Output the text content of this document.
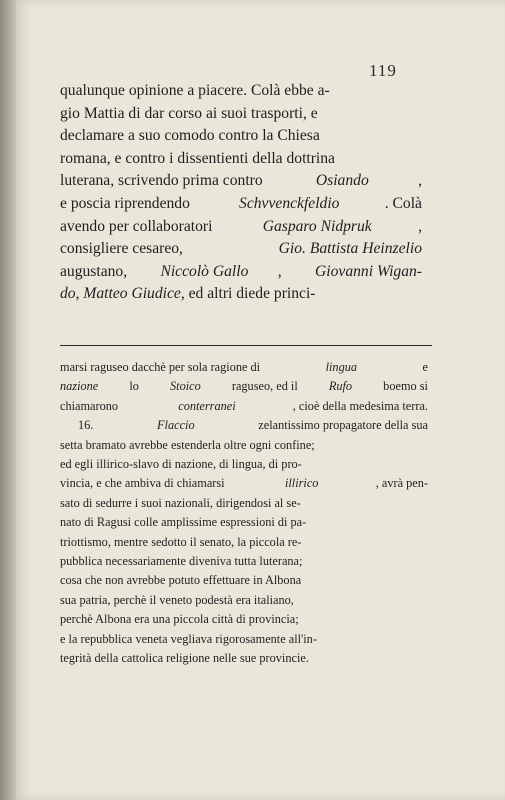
119
qualunque opinione a piacere. Colà ebbe a-
gio Mattia di dar corso ai suoi trasporti, e
declamare a suo comodo contro la Chiesa
romana, e contro i dissentienti della dottrina
luterana, scrivendo prima contro	Osiando	,
e poscia riprendendo	Schvvenckfeldio	. Colà
avendo per collaboratori	Gasparo Nidpruk	,
consigliere cesareo,	Gio. Battista Heinzelio
augustano, Niccolò Gallo , Giovanni Wigan-
do , Matteo Giudice , ed altri diede princi-
marsi raguseo dacchè per sola ragione di	lingua	e
nazione lo Stoico raguseo, ed il Rufo boemo si
chiamarono	conterranei	, cioè della medesima terra.
16.	Flaccio	zelantissimo propagatore della sua
setta bramato avrebbe estenderla oltre ogni confine;
ed egli illirico-slavo di nazione, di lingua, di pro-
vincia, e che ambiva di chiamarsi	illirico	, avrà pen-
sato di sedurre i suoi nazionali, dirigendosi al se-
nato di Ragusi colle amplissime espressioni di pa-
triottismo, mentre sedotto il senato, la piccola re-
pubblica necessariamente diveniva tutta luterana;
cosa che non avrebbe potuto effettuare in Albona
sua patria, perchè il veneto podestà era italiano,
perchè Albona era una piccola città di provincia;
e la repubblica veneta vegliava rigorosamente all'in-
tegrità della cattolica religione nelle sue provincie.
